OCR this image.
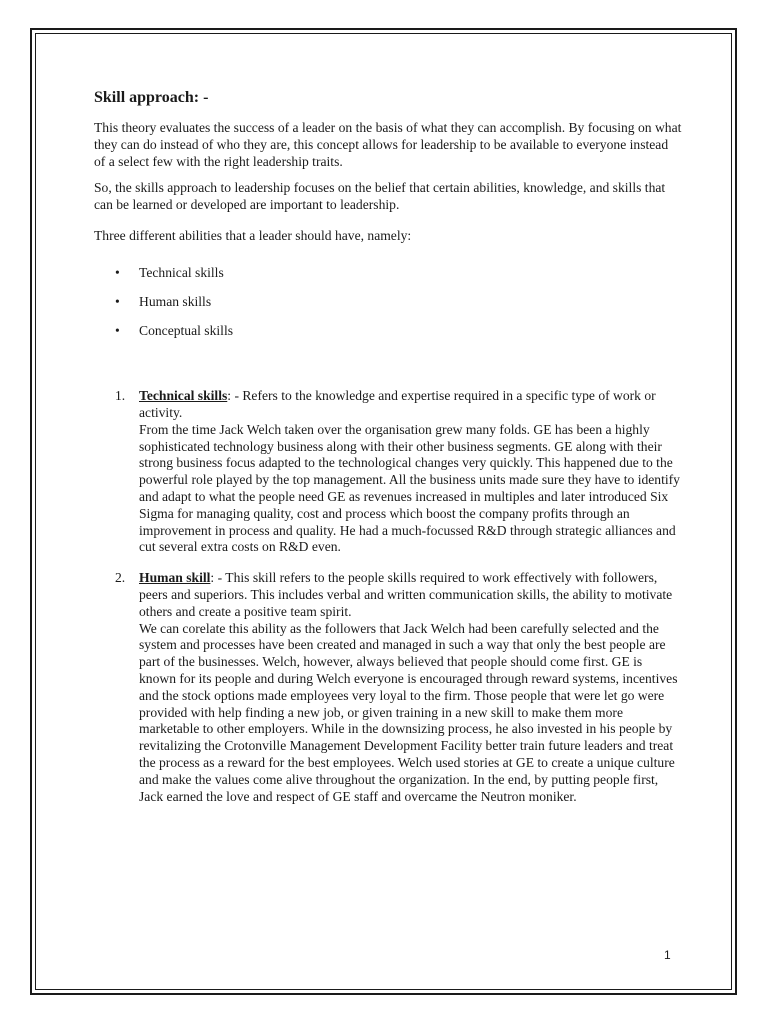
Skill approach: -

This theory evaluates the success of a leader on the basis of what they can accomplish. By focusing on what they can do instead of who they are, this concept allows for leadership to be available to everyone instead of a select few with the right leadership traits.

So, the skills approach to leadership focuses on the belief that certain abilities, knowledge, and skills that can be learned or developed are important to leadership.

Three different abilities that a leader should have, namely:

• Technical skills
• Human skills
• Conceptual skills
1. Technical skills: - Refers to the knowledge and expertise required in a specific type of work or activity.
From the time Jack Welch taken over the organisation grew many folds. GE has been a highly sophisticated technology business along with their other business segments. GE along with their strong business focus adapted to the technological changes very quickly. This happened due to the powerful role played by the top management. All the business units made sure they have to identify and adapt to what the people need GE as revenues increased in multiples and later introduced Six Sigma for managing quality, cost and process which boost the company profits through an improvement in process and quality. He had a much-focussed R&D through strategic alliances and cut several extra costs on R&D even.
2. Human skill: - This skill refers to the people skills required to work effectively with followers, peers and superiors. This includes verbal and written communication skills, the ability to motivate others and create a positive team spirit.
We can corelate this ability as the followers that Jack Welch had been carefully selected and the system and processes have been created and managed in such a way that only the best people are part of the businesses. Welch, however, always believed that people should come first. GE is known for its people and during Welch everyone is encouraged through reward systems, incentives and the stock options made employees very loyal to the firm. Those people that were let go were provided with help finding a new job, or given training in a new skill to make them more marketable to other employers. While in the downsizing process, he also invested in his people by revitalizing the Crotonville Management Development Facility better train future leaders and treat the process as a reward for the best employees. Welch used stories at GE to create a unique culture and make the values come alive throughout the organization. In the end, by putting people first, Jack earned the love and respect of GE staff and overcame the Neutron moniker.
1
